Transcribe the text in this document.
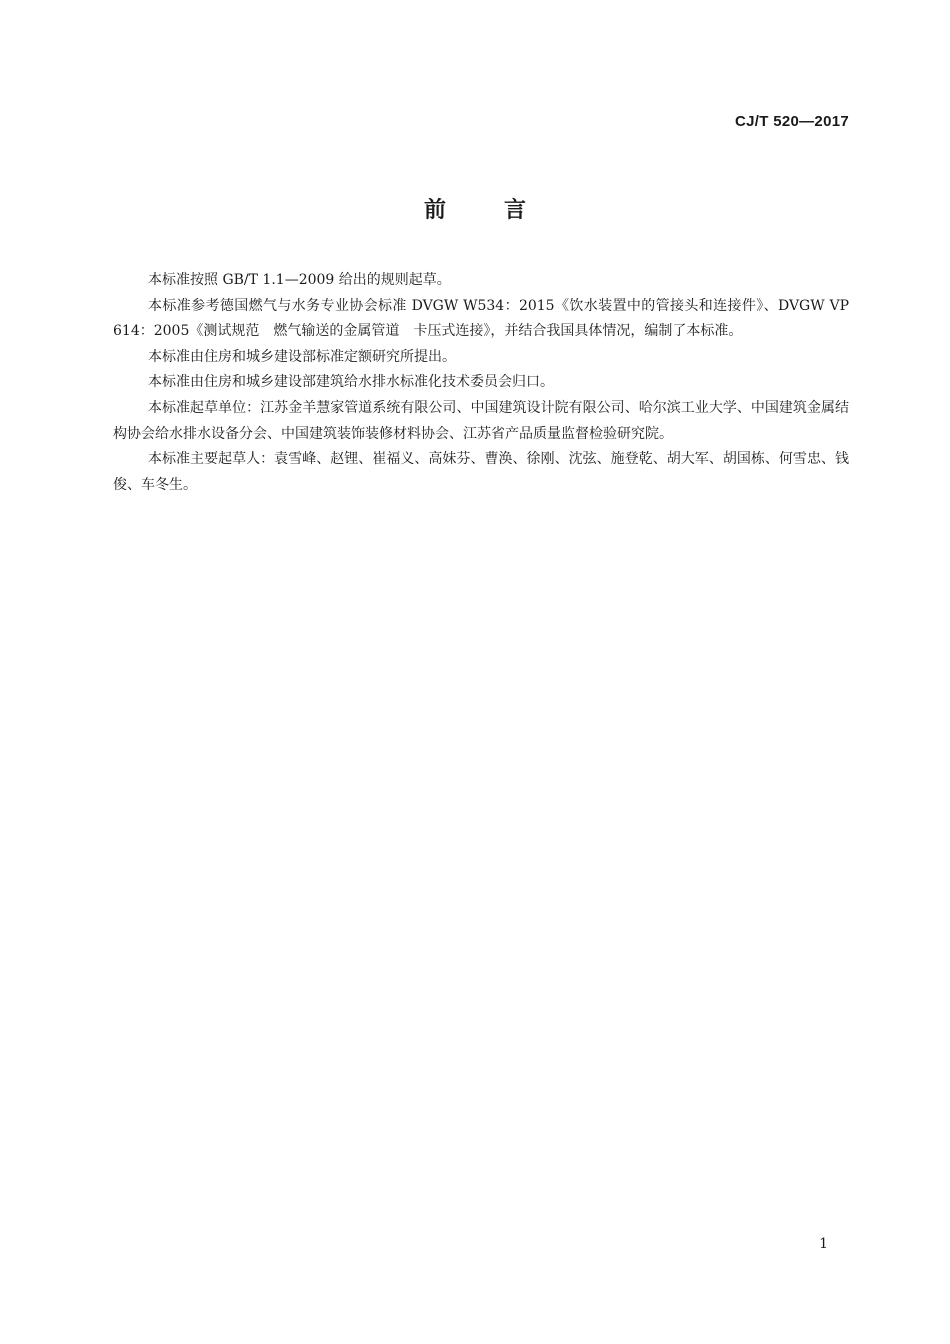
CJ/T 520—2017
前言

本标准按照 GB/T 1.1—2009 给出的规则起草。

本标准参考德国燃气与水务专业协会标准 DVGW W534：2015《饮水装置中的管接头和连接件》、DVGW VP 614：2005《测试规范　燃气输送的金属管道　卡压式连接》，并结合我国具体情况，编制了本标准。

本标准由住房和城乡建设部标准定额研究所提出。

本标准由住房和城乡建设部建筑给水排水标准化技术委员会归口。

本标准起草单位：江苏金羊慧家管道系统有限公司、中国建筑设计院有限公司、哈尔滨工业大学、中国建筑金属结构协会给水排水设备分会、中国建筑装饰装修材料协会、江苏省产品质量监督检验研究院。

本标准主要起草人：袁雪峰、赵锂、崔福义、高妹芬、曹涣、徐刚、沈弦、施登乾、胡大军、胡国栋、何雪忠、钱俊、车冬生。

1
